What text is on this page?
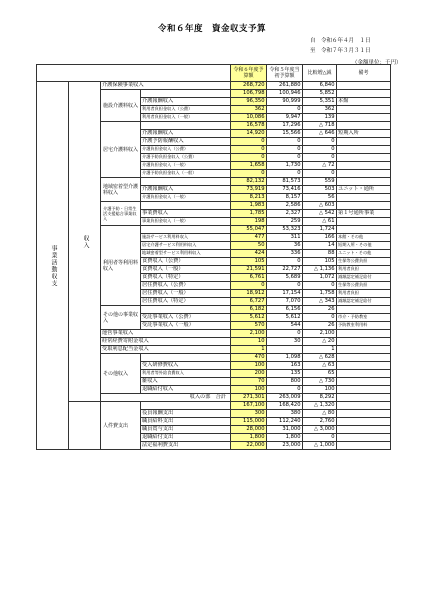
令和６年度　資金収支予算
自　令和６年４月　１日
至　令和７年３月３１日
（金額単位：千円）
				令和６年度予算額	令和５年度当初予算額	比較増△減	備考
事業活動収支	収入	介護保険事業収入		268,720	261,880	6,840	
		施設介護料収入		106,798	100,946	5,852	
			介護報酬収入	96,350	90,999	5,351	本館
			利用者負担金収入（公費）	362	0	362	
			利用者負担金収入（一般）	10,086	9,947	139	
		居宅介護料収入		16,578	17,296	△ 718	
			介護報酬収入	14,920	15,566	△ 646	短期入所
			介護予防報酬収入	0	0	0	
			介護負担金収入（公費）	0	0	0	
			介護予防負担金収入（公費）	0	0	0	
			介護負担金収入（一般）	1,658	1,730	△ 72	
			介護予防負担金収入（一般）	0	0	0	
		地域密着型介護料収入		82,132	81,573	559	
			介護報酬収入	73,919	73,416	503	ユニット・通所
			介護負担金収入（一般）	8,213	8,157	56	
		介護予防・日常生活支援総合事業収入		1,983	2,586	△ 603	
			事業費収入	1,785	2,327	△ 542	第１号通所事業
			事業負担金収入（一般）	198	259	△ 61	
		利用者等利用料収入		55,047	53,323	1,724	
			施設サービス利用料収入	477	311	166	本館・その他
			居宅介護サービス利用料収入	50	36	14	短期入所・その他
			地域密着型サービス利用料収入	424	336	88	ユニット・その他
			食費収入（公費）	105	0	105	生保等公費負担
			食費収入（一般）	21,591	22,727	△ 1,136	利用者負担
			食費収入（特定）	6,761	5,689	1,072	減額認定補足給付
			居住費収入（公費）	0	0	0	生保等公費負担
			居住費収入（一般）	18,912	17,154	1,758	利用者負担
			居住費収入（特定）	6,727	7,070	△ 343	減額認定補足給付
		その他の事業収入		6,182	6,156	26	
			受託事業収入（公費）	5,612	5,612	0	市介・予防教室
			受託事業収入（一般）	570	544	26	予防教室利用料
		運営事業収入		2,100	0	2,100	
		経常経費寄附金収入		10	30	△ 20	
		受取利息配当金収入		1		1	
		その他収入		470	1,098	△ 628	
			受入研修費収入	100	163	△ 63	
			利用者等外給食費収入	200	135	65	
			雑収入	70	800	△ 730	
			退職給付収入	100	0	100	
		収入の部　合計		271,301	263,009	8,292	
		人件費支出		167,100	168,420	△ 1,320	
			役員報酬支出	300	380	△ 80	
			職員給料支出	115,000	112,240	2,760	
			職員賞与支出	28,000	31,000	△ 3,000	
			退職給付支出	1,800	1,800	0	
			法定福利費支出	22,000	23,000	△ 1,000	
